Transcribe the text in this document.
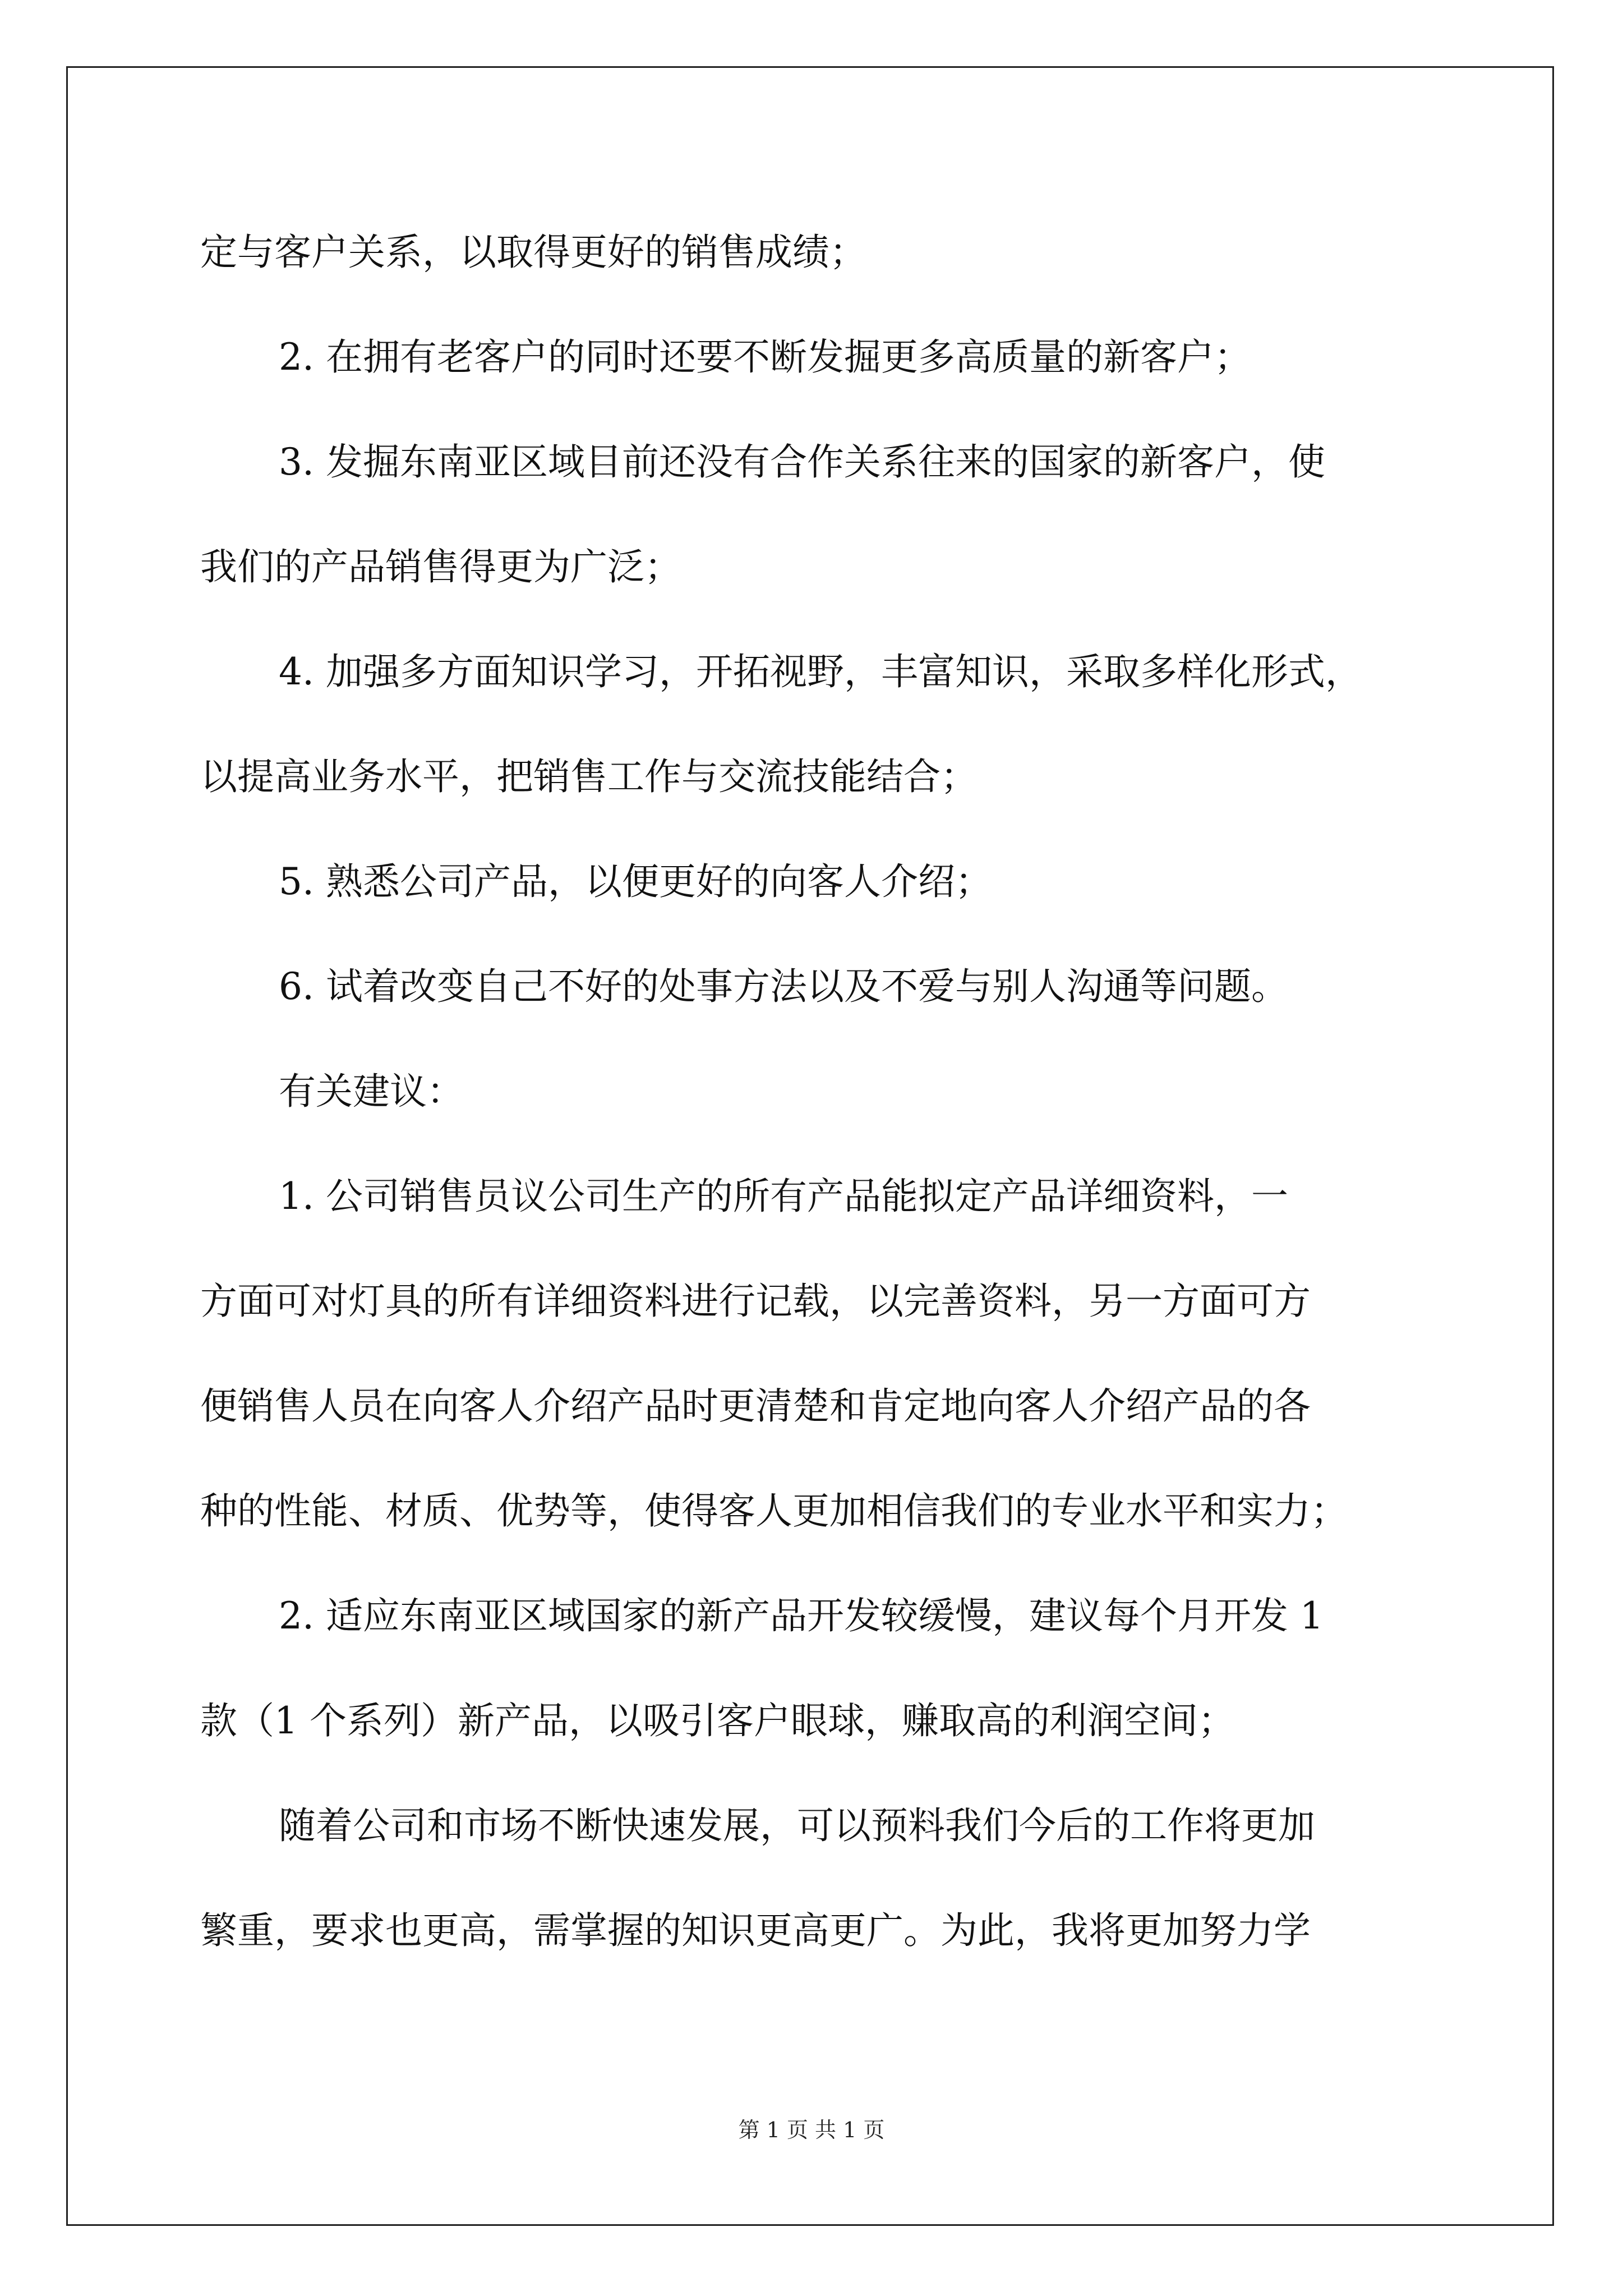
定与客户关系，以取得更好的销售成绩；
2. 在拥有老客户的同时还要不断发掘更多高质量的新客户；
3. 发掘东南亚区域目前还没有合作关系往来的国家的新客户，使
我们的产品销售得更为广泛；
4. 加强多方面知识学习，开拓视野，丰富知识，采取多样化形式，
以提高业务水平，把销售工作与交流技能结合；
5. 熟悉公司产品，以便更好的向客人介绍；
6. 试着改变自己不好的处事方法以及不爱与别人沟通等问题。
有关建议：
1. 公司销售员议公司生产的所有产品能拟定产品详细资料，一
方面可对灯具的所有详细资料进行记载，以完善资料，另一方面可方
便销售人员在向客人介绍产品时更清楚和肯定地向客人介绍产品的各
种的性能、材质、优势等，使得客人更加相信我们的专业水平和实力；
2. 适应东南亚区域国家的新产品开发较缓慢，建议每个月开发 1
款（1 个系列）新产品，以吸引客户眼球，赚取高的利润空间；
随着公司和市场不断快速发展，可以预料我们今后的工作将更加
繁重，要求也更高，需掌握的知识更高更广。为此，我将更加努力学
第 1 页 共 1 页
